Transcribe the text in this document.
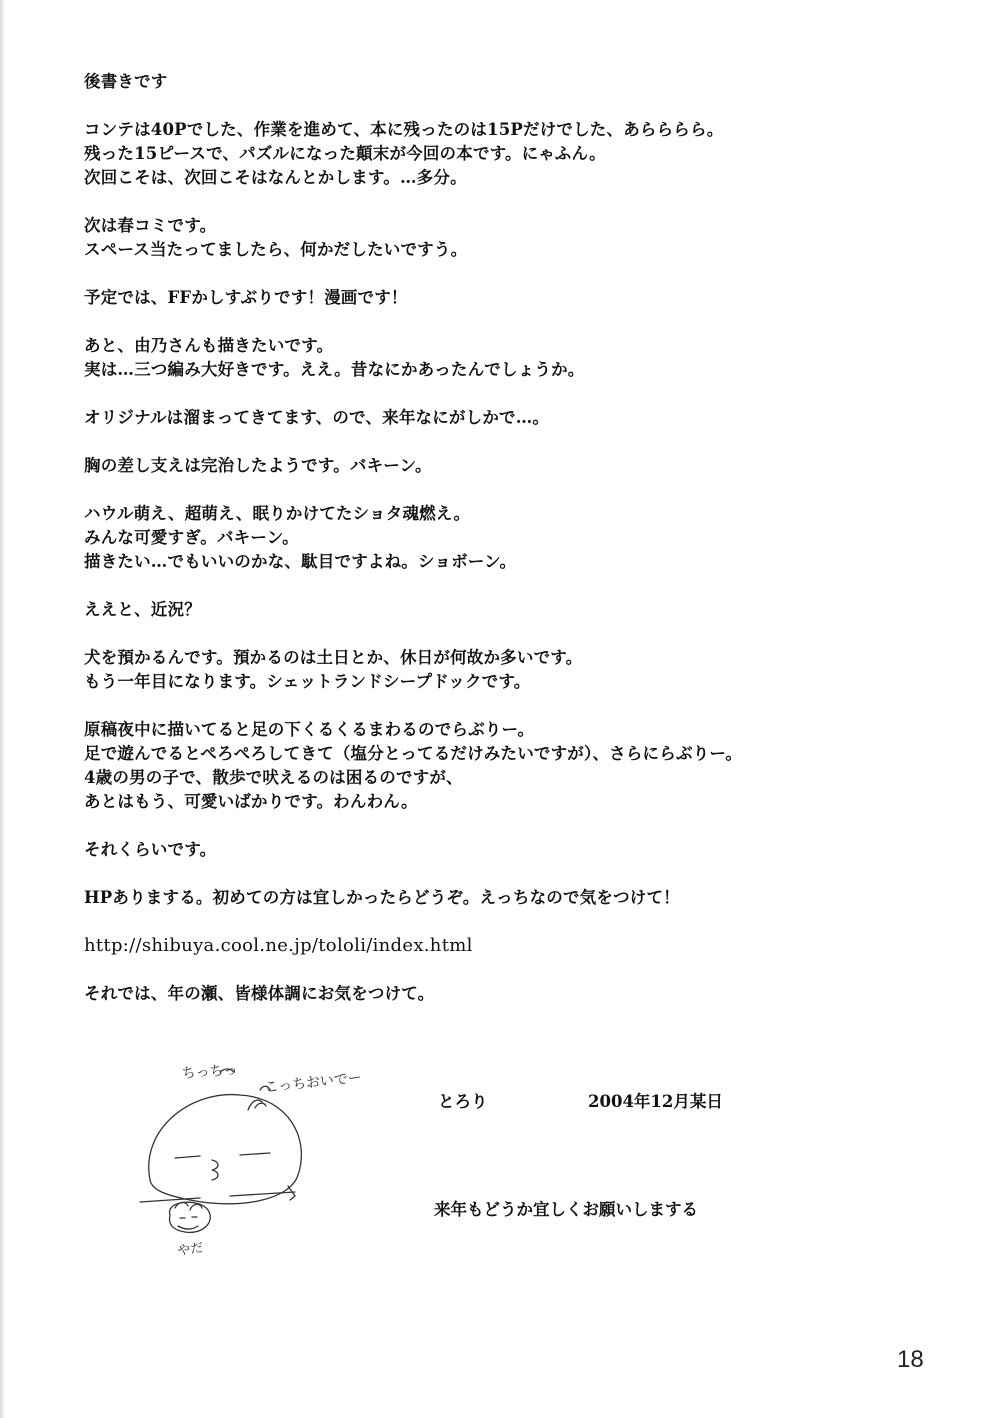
後書きです
コンテは40Pでした、作業を進めて、本に残ったのは15Pだけでした、あらららら。
残った15ピースで、パズルになった顛末が今回の本です。にゃふん。
次回こそは、次回こそはなんとかします。…多分。
次は春コミです。
スペース当たってましたら、何かだしたいですう。
予定では、FFかしすぶりです！漫画です！
あと、由乃さんも描きたいです。
実は…三つ編み大好きです。ええ。昔なにかあったんでしょうか。
オリジナルは溜まってきてます、ので、来年なにがしかで…。
胸の差し支えは完治したようです。バキーン。
ハウル萌え、超萌え、眠りかけてたショタ魂燃え。
みんな可愛すぎ。バキーン。
描きたい…でもいいのかな、駄目ですよね。ショボーン。
ええと、近況？
犬を預かるんです。預かるのは土日とか、休日が何故か多いです。
もう一年目になります。シェットランドシープドックです。
原稿夜中に描いてると足の下くるくるまわるのでらぶりー。
足で遊んでるとぺろぺろしてきて（塩分とってるだけみたいですが）、さらにらぶりー。
4歳の男の子で、散歩で吠えるのは困るのですが、
あとはもう、可愛いばかりです。わんわん。
それくらいです。
HPありまする。初めての方は宜しかったらどうぞ。えっちなので気をつけて！
http://shibuya.cool.ne.jp/tololi/index.html
それでは、年の瀬、皆様体調にお気をつけて。
ちっちっ こっちおいでー
やだ
とろり	2004年12月某日
来年もどうか宜しくお願いしまする
18
